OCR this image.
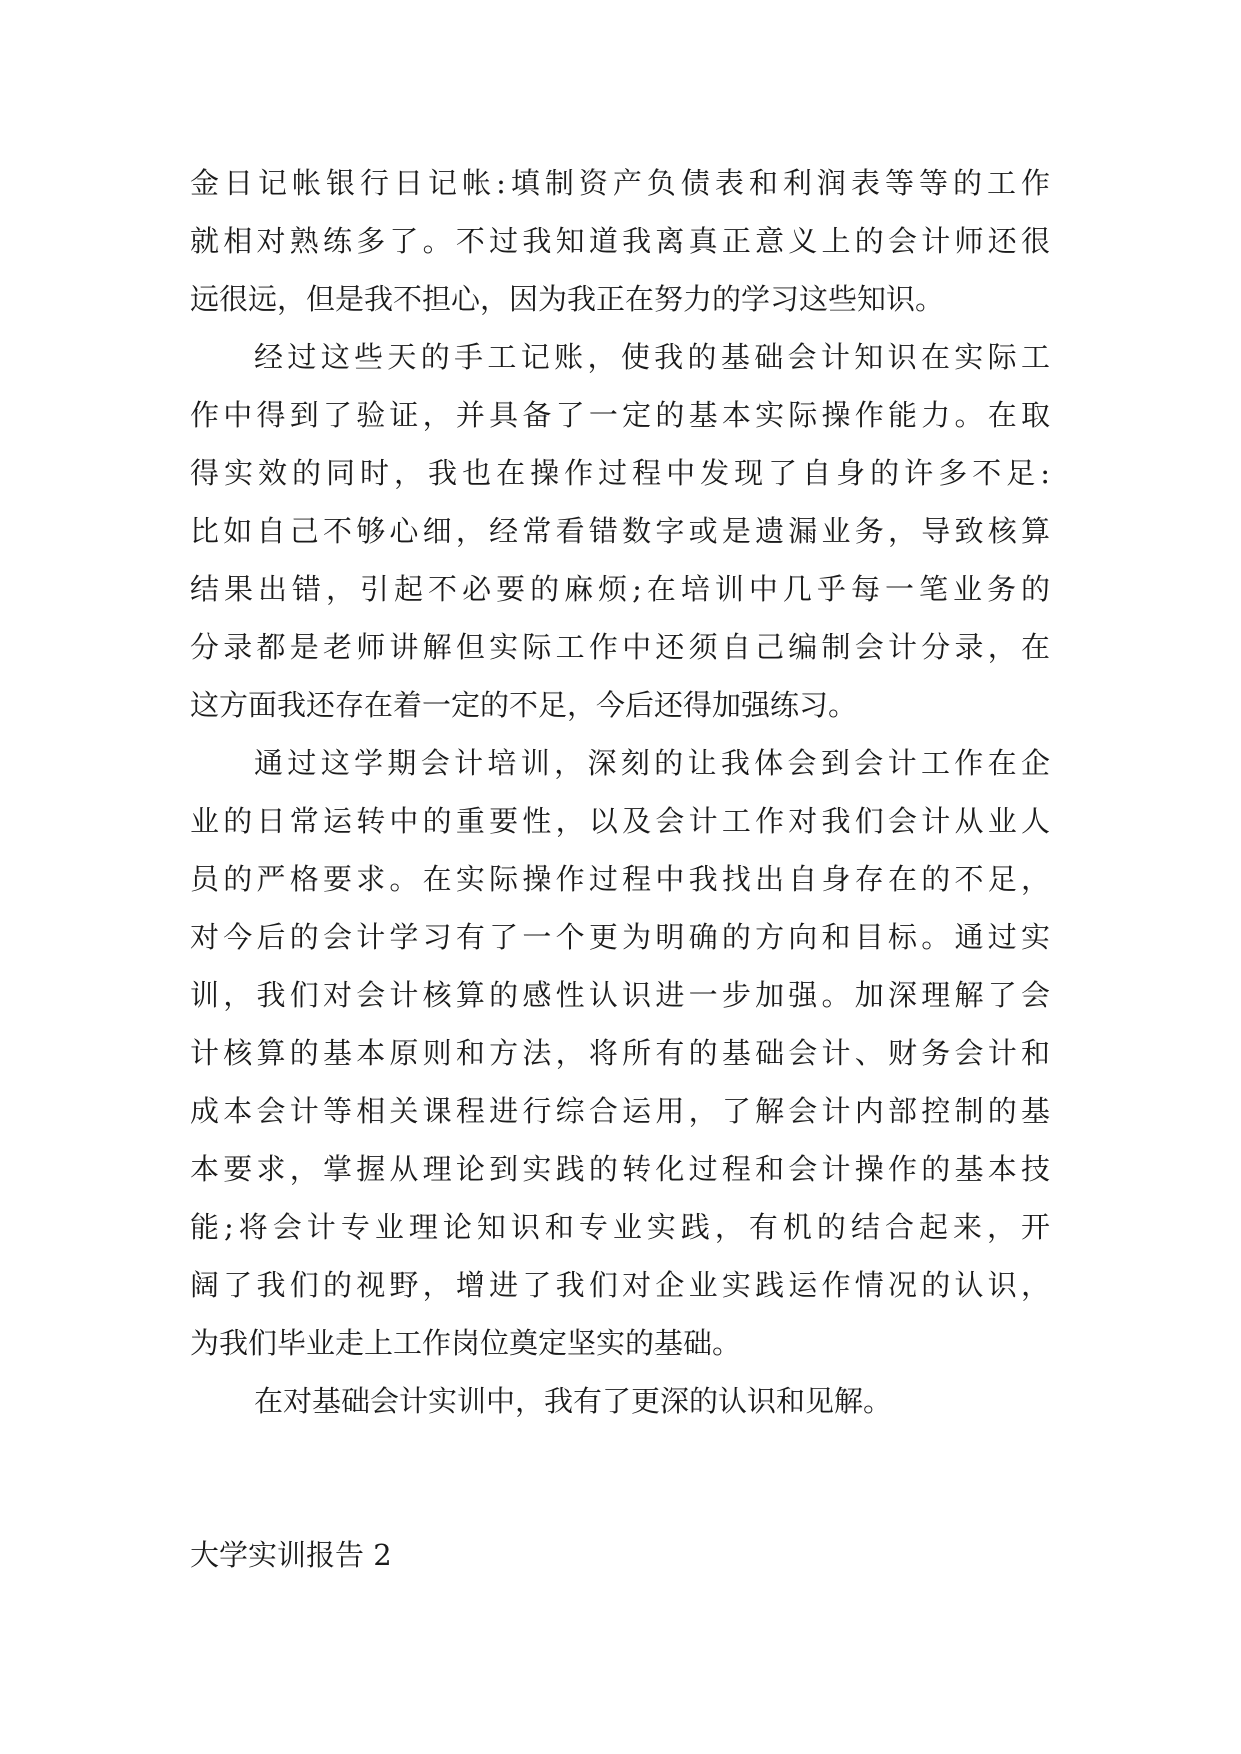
金日记帐银行日记帐:填制资产负债表和利润表等等的工作
就相对熟练多了。不过我知道我离真正意义上的会计师还很
远很远，但是我不担心，因为我正在努力的学习这些知识。
经过这些天的手工记账，使我的基础会计知识在实际工
作中得到了验证，并具备了一定的基本实际操作能力。在取
得实效的同时，我也在操作过程中发现了自身的许多不足:
比如自己不够心细，经常看错数字或是遗漏业务，导致核算
结果出错，引起不必要的麻烦;在培训中几乎每一笔业务的
分录都是老师讲解但实际工作中还须自己编制会计分录，在
这方面我还存在着一定的不足，今后还得加强练习。
通过这学期会计培训，深刻的让我体会到会计工作在企
业的日常运转中的重要性，以及会计工作对我们会计从业人
员的严格要求。在实际操作过程中我找出自身存在的不足，
对今后的会计学习有了一个更为明确的方向和目标。通过实
训，我们对会计核算的感性认识进一步加强。加深理解了会
计核算的基本原则和方法，将所有的基础会计、财务会计和
成本会计等相关课程进行综合运用，了解会计内部控制的基
本要求，掌握从理论到实践的转化过程和会计操作的基本技
能;将会计专业理论知识和专业实践，有机的结合起来，开
阔了我们的视野，增进了我们对企业实践运作情况的认识，
为我们毕业走上工作岗位奠定坚实的基础。
在对基础会计实训中，我有了更深的认识和见解。
大学实训报告 2
